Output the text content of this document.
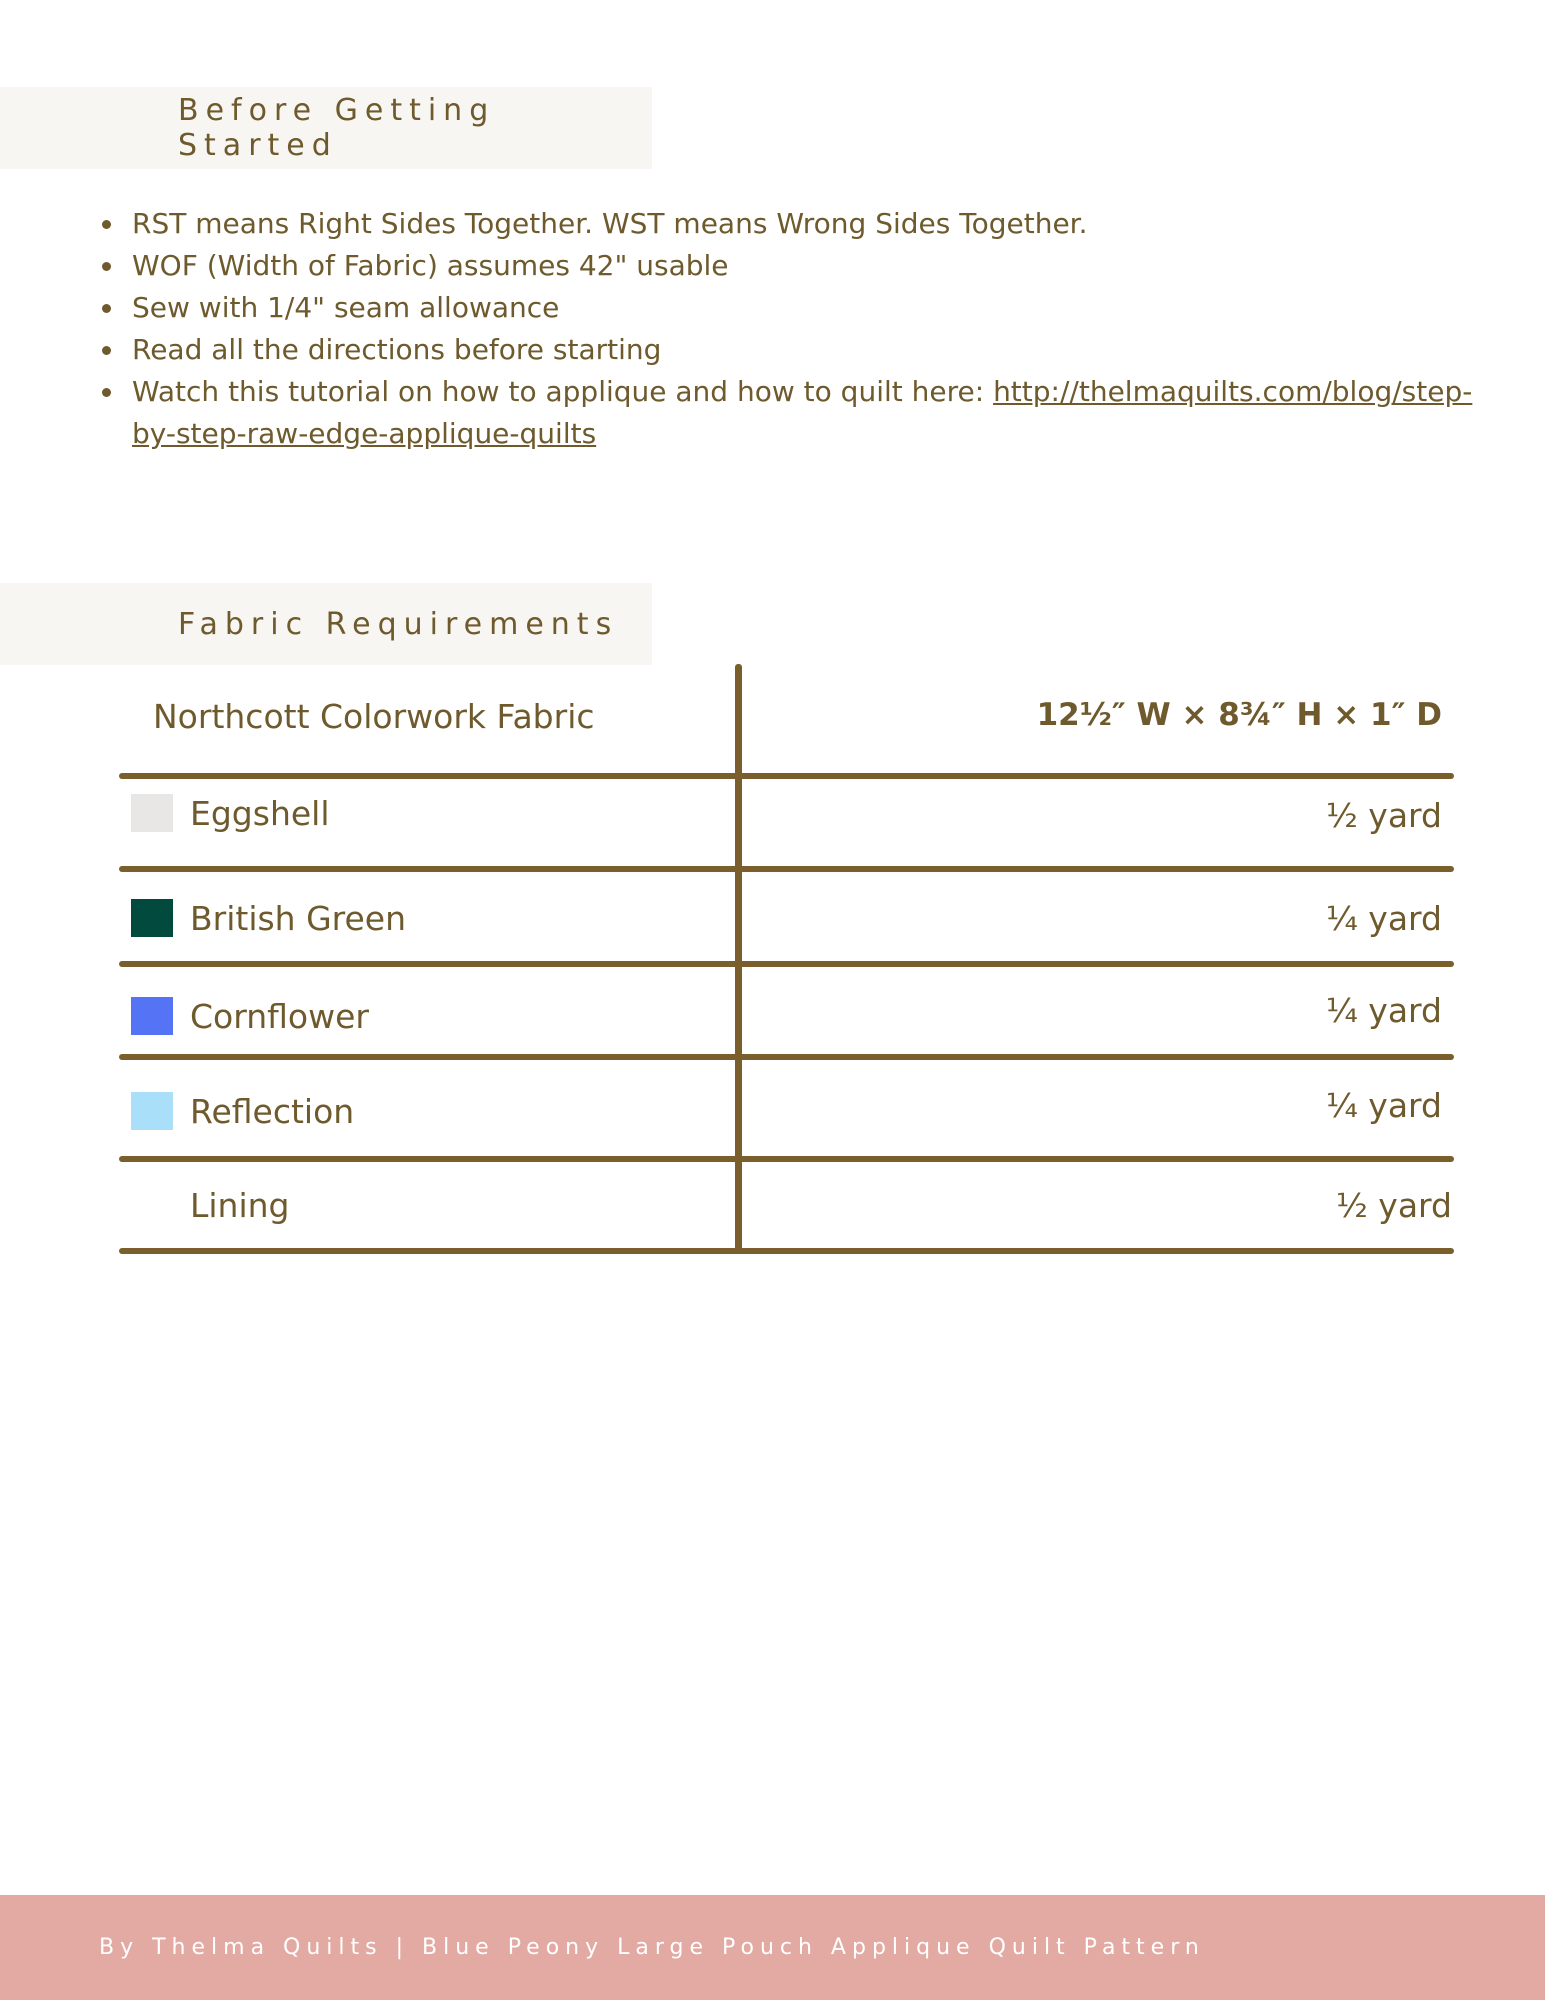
Before Getting Started
RST means Right Sides Together. WST means Wrong Sides Together.
WOF (Width of Fabric) assumes 42" usable
Sew with 1/4" seam allowance
Read all the directions before starting
Watch this tutorial on how to applique and how to quilt here: http://thelmaquilts.com/blog/step-by-step-raw-edge-applique-quilts
Fabric Requirements
Northcott Colorwork Fabric	12½″ W × 8¾″ H × 1″ D
Eggshell	½ yard
British Green	¼ yard
Cornflower	¼ yard
Reflection	¼ yard
Lining	½ yard
By Thelma Quilts | Blue Peony Large Pouch Applique Quilt Pattern
